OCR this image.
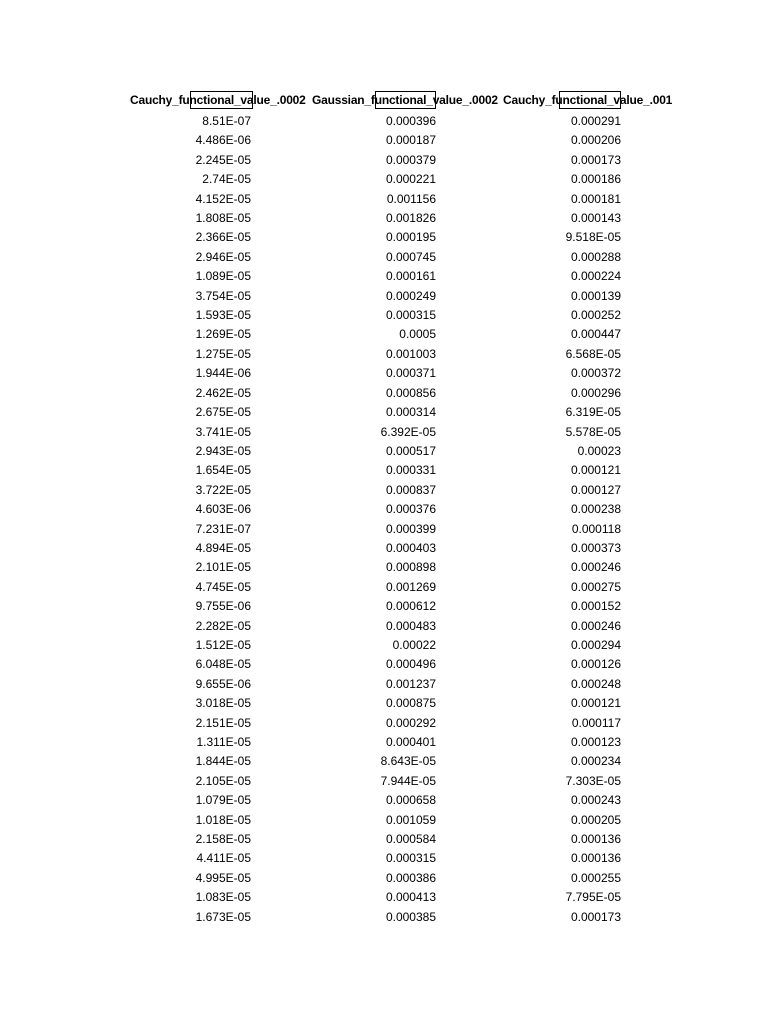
Cauchy_functional_value_.0002 Gaussian_functional_value_.0002 Cauchy_functional_value_.001
8.51E-07	0.000396	0.000291
4.486E-06	0.000187	0.000206
2.245E-05	0.000379	0.000173
2.74E-05	0.000221	0.000186
4.152E-05	0.001156	0.000181
1.808E-05	0.001826	0.000143
2.366E-05	0.000195	9.518E-05
2.946E-05	0.000745	0.000288
1.089E-05	0.000161	0.000224
3.754E-05	0.000249	0.000139
1.593E-05	0.000315	0.000252
1.269E-05	0.0005	0.000447
1.275E-05	0.001003	6.568E-05
1.944E-06	0.000371	0.000372
2.462E-05	0.000856	0.000296
2.675E-05	0.000314	6.319E-05
3.741E-05	6.392E-05	5.578E-05
2.943E-05	0.000517	0.00023
1.654E-05	0.000331	0.000121
3.722E-05	0.000837	0.000127
4.603E-06	0.000376	0.000238
7.231E-07	0.000399	0.000118
4.894E-05	0.000403	0.000373
2.101E-05	0.000898	0.000246
4.745E-05	0.001269	0.000275
9.755E-06	0.000612	0.000152
2.282E-05	0.000483	0.000246
1.512E-05	0.00022	0.000294
6.048E-05	0.000496	0.000126
9.655E-06	0.001237	0.000248
3.018E-05	0.000875	0.000121
2.151E-05	0.000292	0.000117
1.311E-05	0.000401	0.000123
1.844E-05	8.643E-05	0.000234
2.105E-05	7.944E-05	7.303E-05
1.079E-05	0.000658	0.000243
1.018E-05	0.001059	0.000205
2.158E-05	0.000584	0.000136
4.411E-05	0.000315	0.000136
4.995E-05	0.000386	0.000255
1.083E-05	0.000413	7.795E-05
1.673E-05	0.000385	0.000173
